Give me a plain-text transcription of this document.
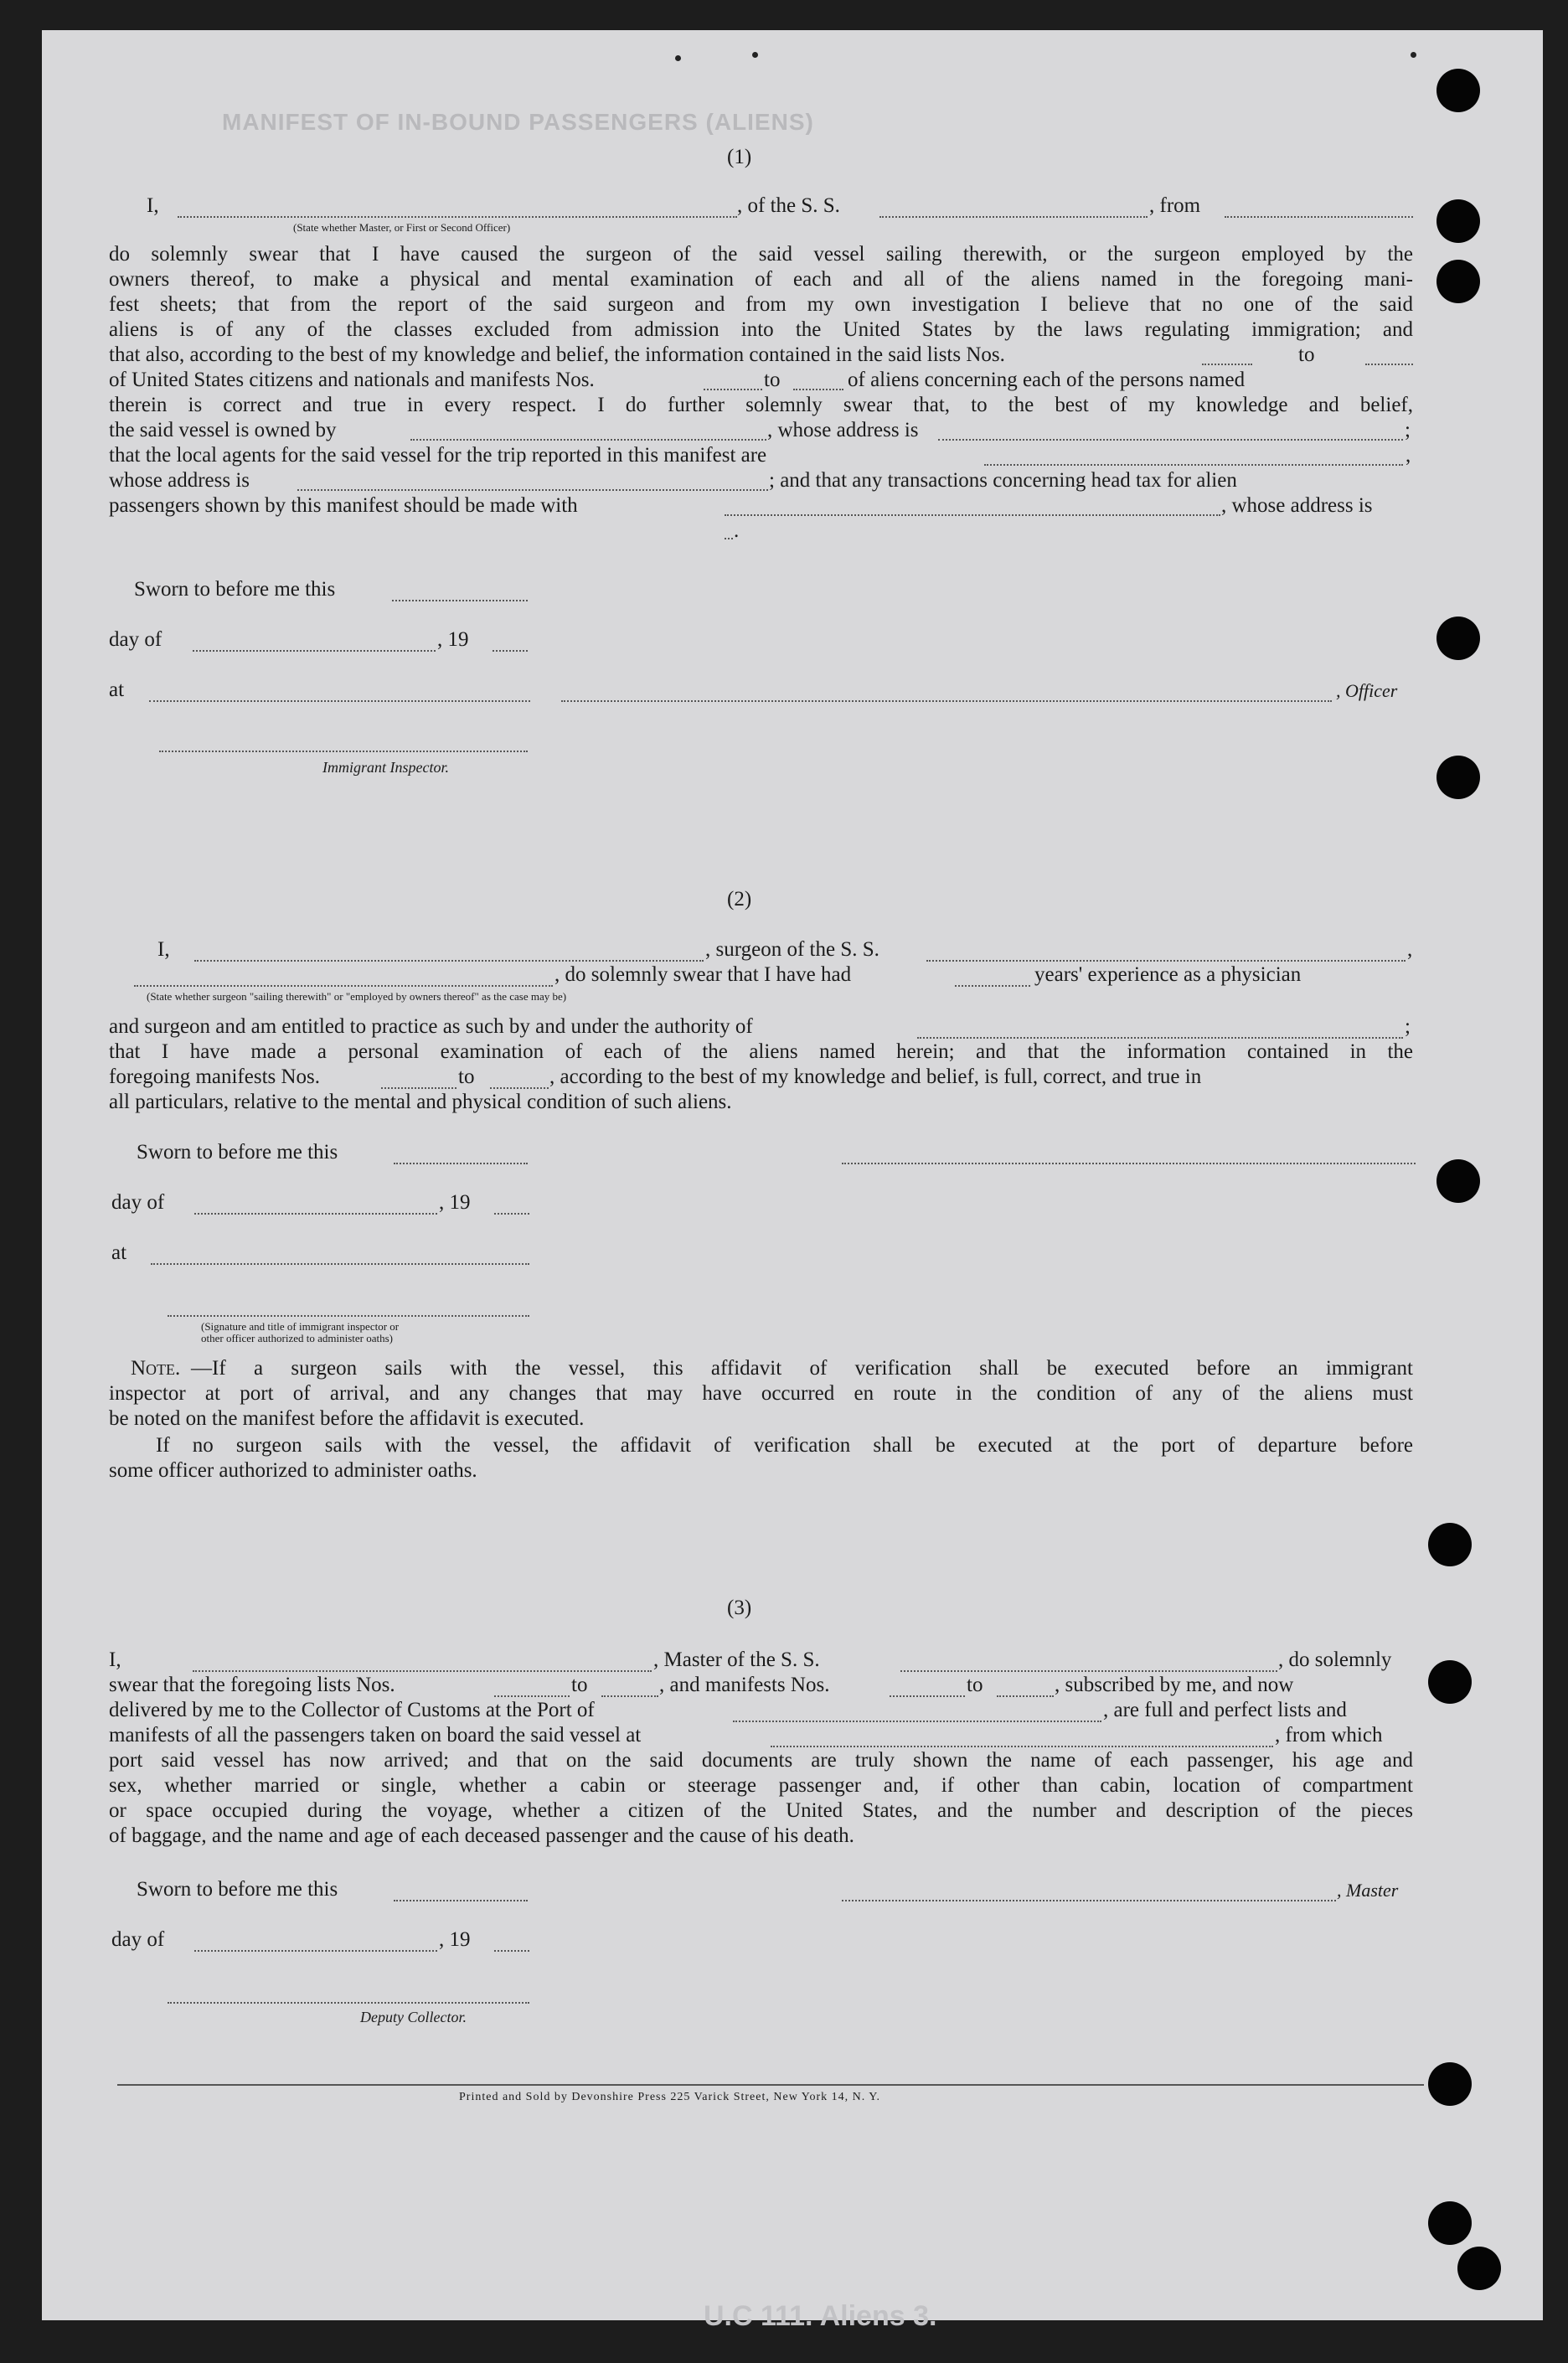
MANIFEST OF IN-BOUND PASSENGERS (ALIENS)
U.C 111. Aliens 3.
(1)
I,	, of the S. S.	, from
(State whether Master, or First or Second Officer)
do solemnly swear that I have caused the surgeon of the said vessel sailing therewith, or the surgeon employed by the
owners thereof, to make a physical and mental examination of each and all of the aliens named in the foregoing mani-
fest sheets; that from the report of the said surgeon and from my own investigation I believe that no one of the said
aliens is of any of the classes excluded from admission into the United States by the laws regulating immigration; and
that also, according to the best of my knowledge and belief, the information contained in the said lists Nos.	to
of United States citizens and nationals and manifests Nos.	to	of aliens concerning each of the persons named
therein is correct and true in every respect. I do further solemnly swear that, to the best of my knowledge and belief,
the said vessel is owned by	, whose address is	;
that the local agents for the said vessel for the trip reported in this manifest are	,
whose address is	; and that any transactions concerning head tax for alien
passengers shown by this manifest should be made with	, whose address is
.
Sworn to before me this
day of	, 19
at	, Officer
Immigrant Inspector.
(2)
I,	, surgeon of the S. S.	,
, do solemnly swear that I have had	years' experience as a physician
(State whether surgeon "sailing therewith" or "employed by owners thereof" as the case may be)
and surgeon and am entitled to practice as such by and under the authority of	;
that I have made a personal examination of each of the aliens named herein; and that the information contained in the
foregoing manifests Nos.	to	, according to the best of my knowledge and belief, is full, correct, and true in
all particulars, relative to the mental and physical condition of such aliens.
Sworn to before me this
day of	, 19
at
(Signature and title of immigrant inspector or
other officer authorized to administer oaths)
Note. —If a surgeon sails with the vessel, this affidavit of verification shall be executed before an immigrant
inspector at port of arrival, and any changes that may have occurred en route in the condition of any of the aliens must
be noted on the manifest before the affidavit is executed.
If no surgeon sails with the vessel, the affidavit of verification shall be executed at the port of departure before
some officer authorized to administer oaths.
(3)
I,	, Master of the S. S.	, do solemnly
swear that the foregoing lists Nos.	to	, and manifests Nos.	to	, subscribed by me, and now
delivered by me to the Collector of Customs at the Port of	, are full and perfect lists and
manifests of all the passengers taken on board the said vessel at	, from which
port said vessel has now arrived; and that on the said documents are truly shown the name of each passenger, his age and
sex, whether married or single, whether a cabin or steerage passenger and, if other than cabin, location of compartment
or space occupied during the voyage, whether a citizen of the United States, and the number and description of the pieces
of baggage, and the name and age of each deceased passenger and the cause of his death.
Sworn to before me this	, Master
day of	, 19
Deputy Collector.
Printed and Sold by Devonshire Press 225 Varick Street, New York 14, N. Y.
